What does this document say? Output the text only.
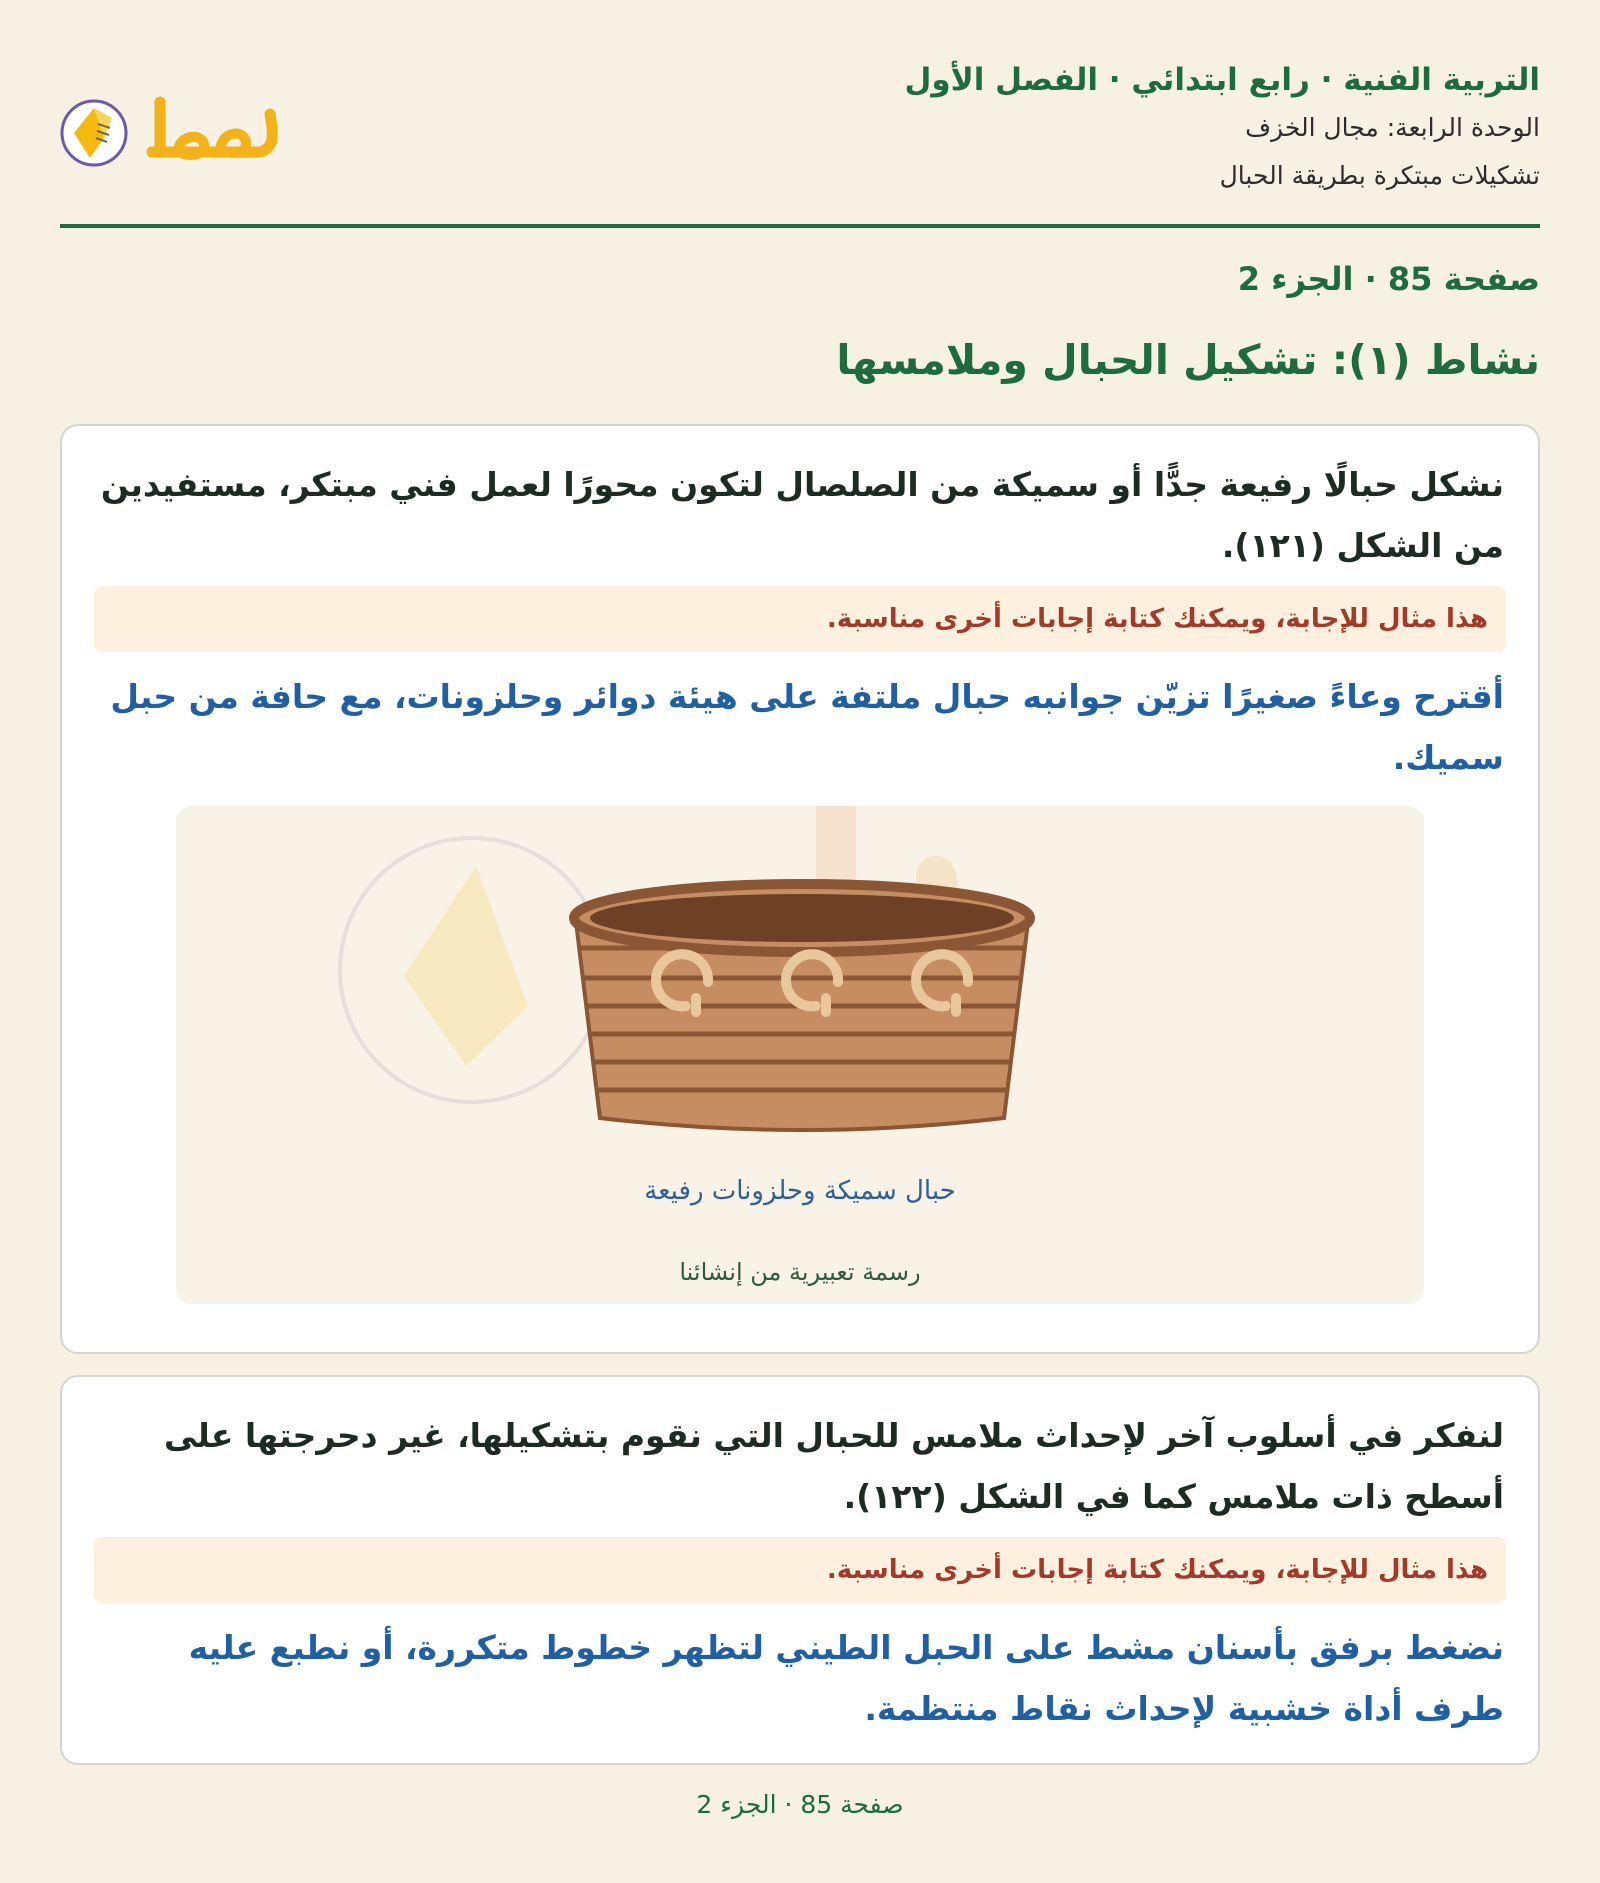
التربية الفنية · رابع ابتدائي · الفصل الأول
الوحدة الرابعة: مجال الخزف
تشكيلات مبتكرة بطريقة الحبال
صفحة 85 · الجزء 2
نشاط (١): تشكيل الحبال وملامسها
نشكل حبالًا رفيعة جدًّا أو سميكة من الصلصال لتكون محورًا لعمل فني مبتكر، مستفيدين من الشكل (١٢١).
هذا مثال للإجابة، ويمكنك كتابة إجابات أخرى مناسبة.
أقترح وعاءً صغيرًا تزيّن جوانبه حبال ملتفة على هيئة دوائر وحلزونات، مع حافة من حبل سميك.
حبال سميكة وحلزونات رفيعة
رسمة تعبيرية من إنشائنا
لنفكر في أسلوب آخر لإحداث ملامس للحبال التي نقوم بتشكيلها، غير دحرجتها على أسطح ذات ملامس كما في الشكل (١٢٢).
هذا مثال للإجابة، ويمكنك كتابة إجابات أخرى مناسبة.
نضغط برفق بأسنان مشط على الحبل الطيني لتظهر خطوط متكررة، أو نطبع عليه طرف أداة خشبية لإحداث نقاط منتظمة.
صفحة 85 · الجزء 2
